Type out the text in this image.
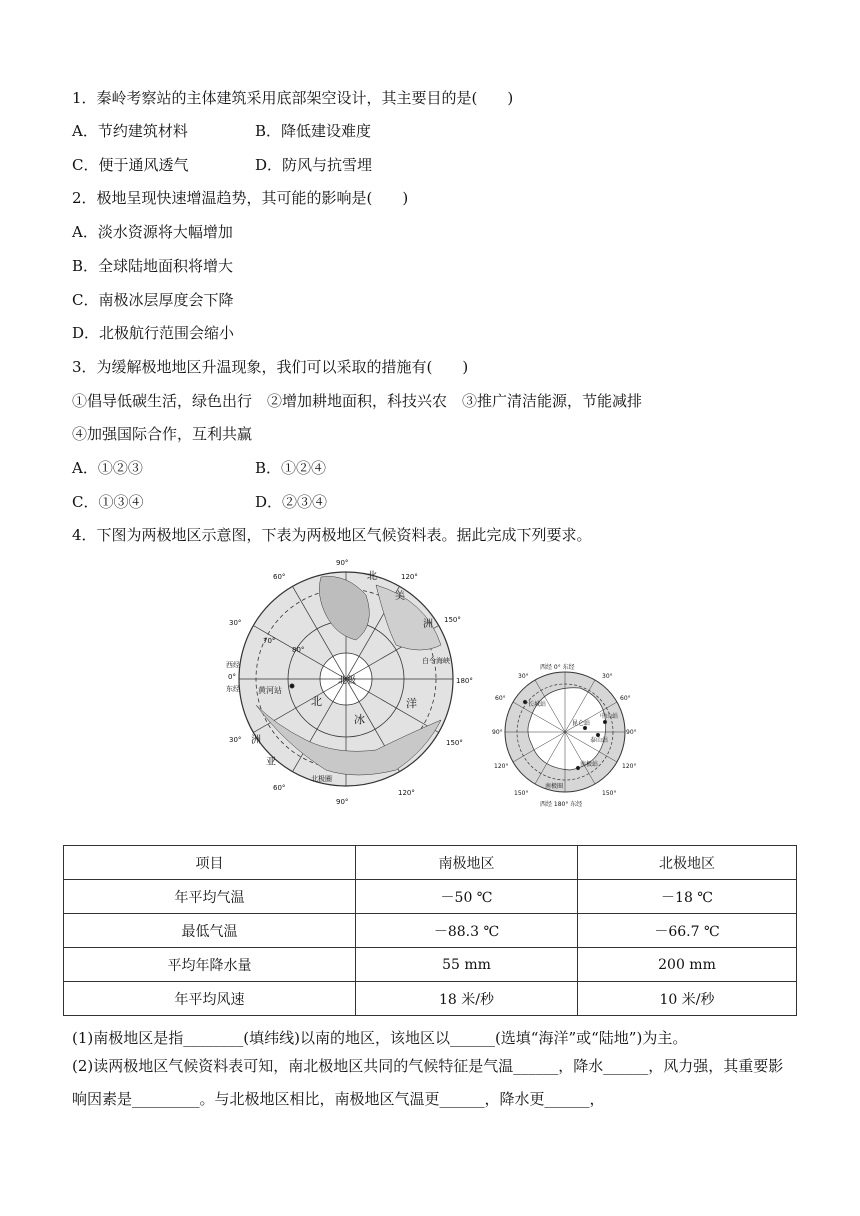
1．秦岭考察站的主体建筑采用底部架空设计，其主要目的是(　　)
A．节约建筑材料	B．降低建设难度
C．便于通风透气	D．防风与抗雪埋
2．极地呈现快速增温趋势，其可能的影响是(　　)
A．淡水资源将大幅增加
B．全球陆地面积将增大
C．南极冰层厚度会下降
D．北极航行范围会缩小
3．为缓解极地地区升温现象，我们可以采取的措施有(　　)
①倡导低碳生活，绿色出行　②增加耕地面积，科技兴农　③推广清洁能源，节能减排
④加强国际合作，互利共赢
A．①②③	B．①②④
C．①③④	D．②③④
4．下图为两极地区示意图，下表为两极地区气候资料表。据此完成下列要求。
北极
北
冰
洋
北
美
洲
亚
洲
黄河站
北极圈
白令海峡
80°
70°
90°
90°
西经
0°
东经
180°
60°
30°
120°
150°
30°	150°
60°
120°
西经 0° 东经
西经 180° 东经
长城站
昆仑站
中山站
泰山站
南极站
南极圈
30°	30°
60°	60°
90°	90°
120°	120°
150°	150°
项目	南极地区	北极地区
年平均气温	－50 ℃	－18 ℃
最低气温	－88.3 ℃	－66.7 ℃
平均年降水量	55 mm	200 mm
年平均风速	18 米/秒	10 米/秒
(1)南极地区是指________(填纬线)以南的地区，该地区以______(选填“海洋”或“陆地”)为主。
(2)读两极地区气候资料表可知，南北极地区共同的气候特征是气温______，降水______，风力强，其重要影响因素是_________。与北极地区相比，南极地区气温更______，降水更______，
